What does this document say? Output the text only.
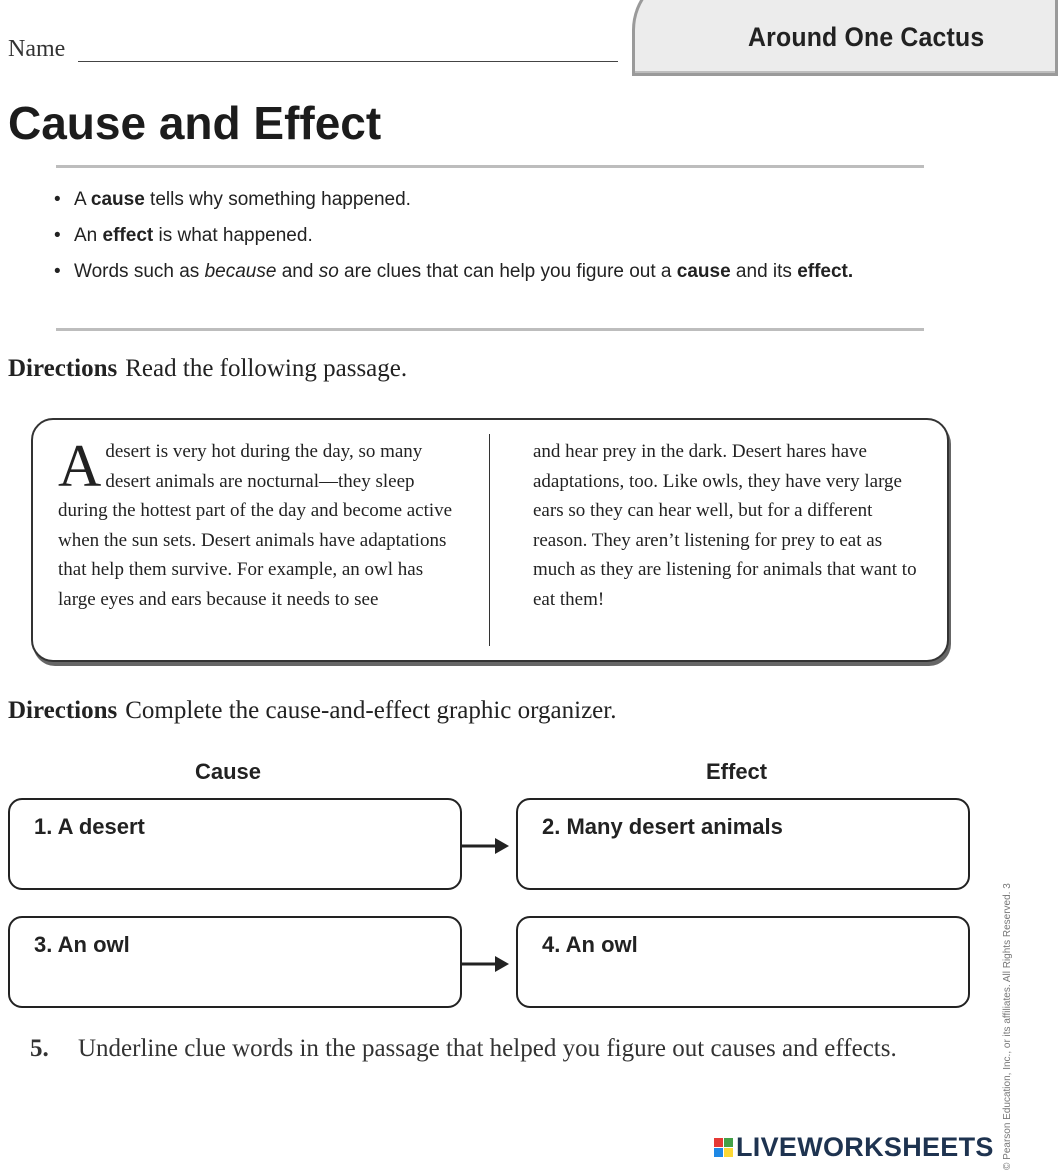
Name	Around One Cactus
Cause and Effect
• A cause tells why something happened.
• An effect is what happened.
• Words such as because and so are clues that can help you figure out a cause and its effect.
Directions Read the following passage.
Adesert is very hot during the day, so many desert animals are nocturnal—they sleep during the hottest part of the day and become active when the sun sets. Desert animals have adaptations that help them survive. For example, an owl has large eyes and ears because it needs to see
and hear prey in the dark. Desert hares have adaptations, too. Like owls, they have very large ears so they can hear well, but for a different reason. They aren’t listening for prey to eat as much as they are listening for animals that want to eat them!
Directions Complete the cause-and-effect graphic organizer.
Cause	Effect
1. A desert	2. Many desert animals
3. An owl	4. An owl
5. Underline clue words in the passage that helped you figure out causes and effects.
LIVEWORKSHEETS © Pearson Education, Inc., or its affiliates. All Rights Reserved. 3
